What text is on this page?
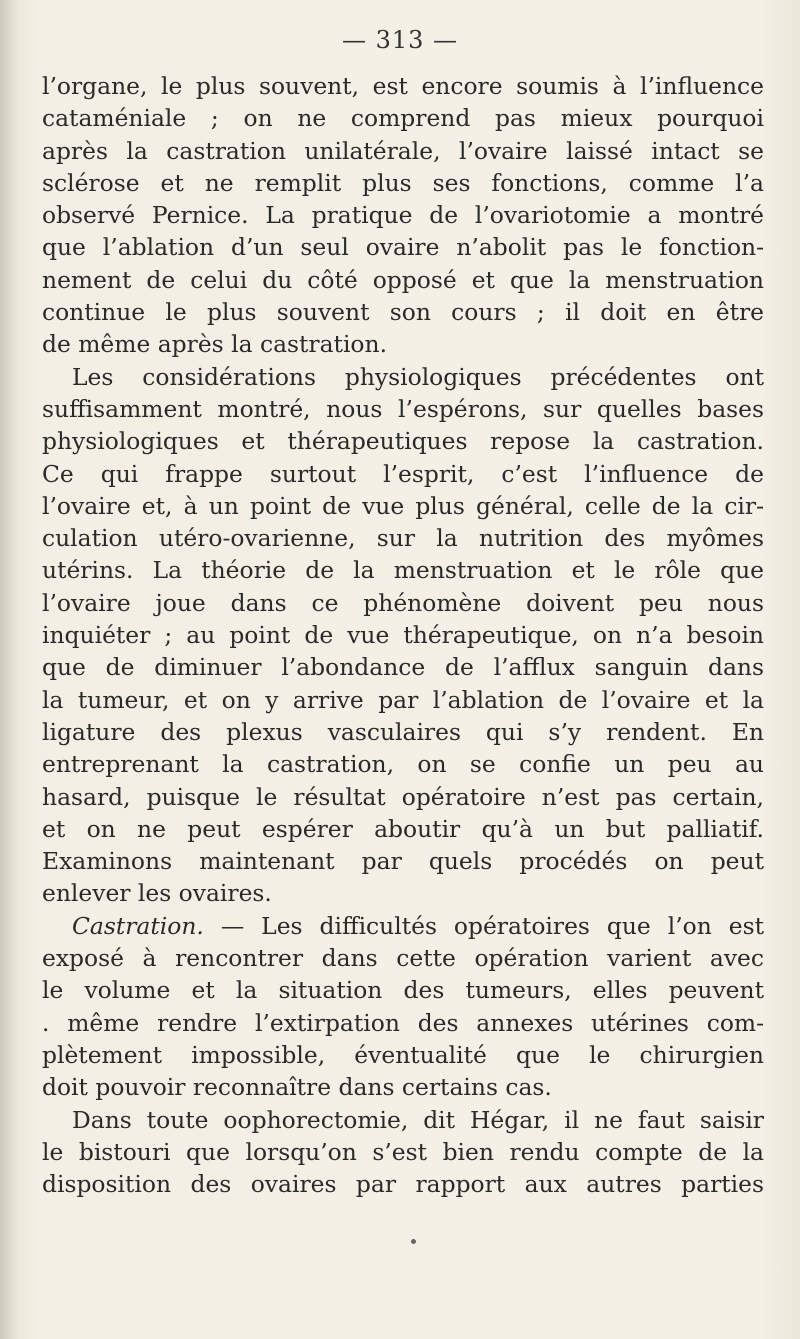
— 313 —
l’organe, le plus souvent, est encore soumis à l’influence
cataméniale ; on ne comprend pas mieux pourquoi
après la castration unilatérale, l’ovaire laissé intact se
sclérose et ne remplit plus ses fonctions, comme l’a
observé Pernice. La pratique de l’ovariotomie a montré
que l’ablation d’un seul ovaire n’abolit pas le fonction-
nement de celui du côté opposé et que la menstruation
continue le plus souvent son cours ; il doit en être
de même après la castration.
Les considérations physiologiques précédentes ont
suffisamment montré, nous l’espérons, sur quelles bases
physiologiques et thérapeutiques repose la castration.
Ce qui frappe surtout l’esprit, c’est l’influence de
l’ovaire et, à un point de vue plus général, celle de la cir-
culation utéro-ovarienne, sur la nutrition des myômes
utérins. La théorie de la menstruation et le rôle que
l’ovaire joue dans ce phénomène doivent peu nous
inquiéter ; au point de vue thérapeutique, on n’a besoin
que de diminuer l’abondance de l’afflux sanguin dans
la tumeur, et on y arrive par l’ablation de l’ovaire et la
ligature des plexus vasculaires qui s’y rendent. En
entreprenant la castration, on se confie un peu au
hasard, puisque le résultat opératoire n’est pas certain,
et on ne peut espérer aboutir qu’à un but palliatif.
Examinons maintenant par quels procédés on peut
enlever les ovaires.
Castration. — Les difficultés opératoires que l’on est
exposé à rencontrer dans cette opération varient avec
le volume et la situation des tumeurs, elles peuvent
. même rendre l’extirpation des annexes utérines com-
plètement impossible, éventualité que le chirurgien
doit pouvoir reconnaître dans certains cas.
Dans toute oophorectomie, dit Hégar, il ne faut saisir
le bistouri que lorsqu’on s’est bien rendu compte de la
disposition des ovaires par rapport aux autres parties
